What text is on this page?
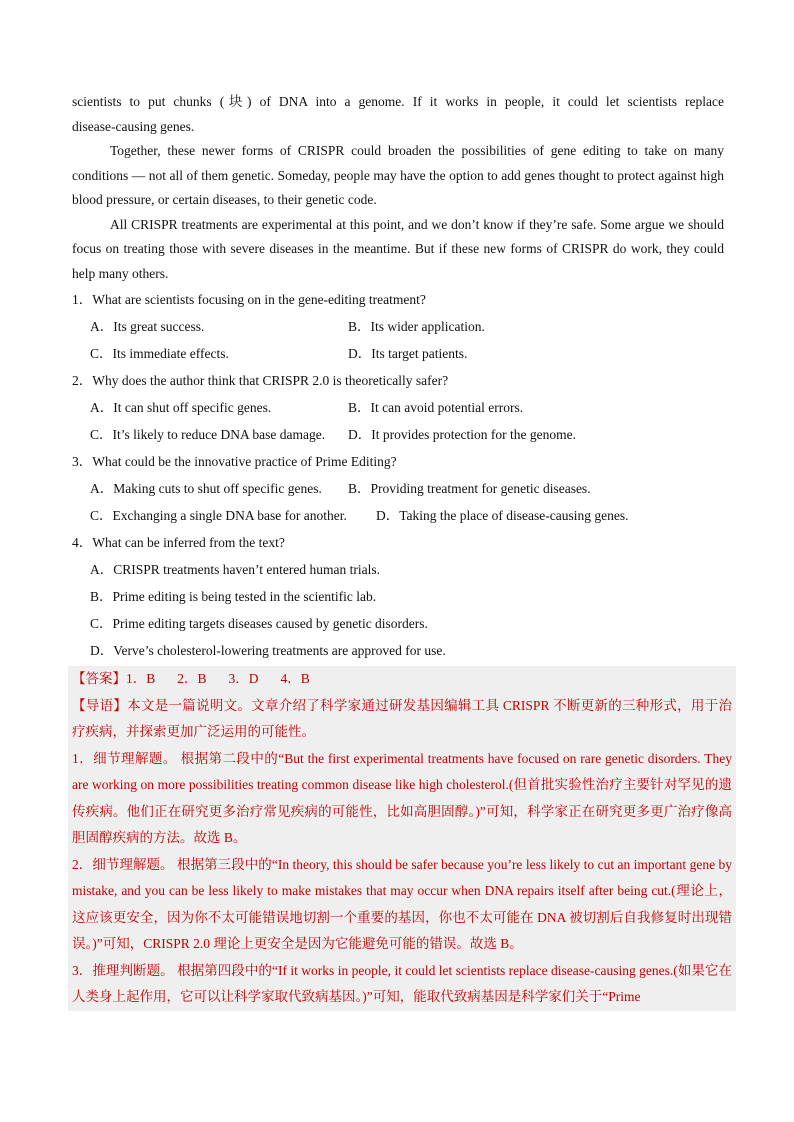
scientists to put chunks (块) of DNA into a genome. If it works in people, it could let scientists replace

disease-causing genes.

Together, these newer forms of CRISPR could broaden the possibilities of gene editing to take on many conditions — not all of them genetic. Someday, people may have the option to add genes thought to protect against high blood pressure, or certain diseases, to their genetic code.

All CRISPR treatments are experimental at this point, and we don’t know if they’re safe. Some argue we should focus on treating those with severe diseases in the meantime. But if these new forms of CRISPR do work, they could help many others.

1．What are scientists focusing on in the gene-editing treatment?

A．Its great success.	B．Its wider application.
C．Its immediate effects.	D．Its target patients.

2．Why does the author think that CRISPR 2.0 is theoretically safer?

A．It can shut off specific genes.	B．It can avoid potential errors.
C．It’s likely to reduce DNA base damage.	D．It provides protection for the genome.

3．What could be the innovative practice of Prime Editing?

A．Making cuts to shut off specific genes.	B．Providing treatment for genetic diseases.
C．Exchanging a single DNA base for another.	D．Taking the place of disease-causing genes.

4．What can be inferred from the text?

A．CRISPR treatments haven’t entered human trials.
B．Prime editing is being tested in the scientific lab.
C．Prime editing targets diseases caused by genetic disorders.
D．Verve’s cholesterol-lowering treatments are approved for use.

【答案】1．B 2．B 3．D 4．B

【导语】本文是一篇说明文。文章介绍了科学家通过研发基因编辑工具 CRISPR 不断更新的三种形式，用于治疗疾病，并探索更加广泛运用的可能性。

1．细节理解题。 根据第二段中的“But the first experimental treatments have focused on rare genetic disorders. They are working on more possibilities treating common disease like high cholesterol.(但首批实验性治疗主要针对罕见的遗传疾病。他们正在研究更多治疗常见疾病的可能性，比如高胆固醇。)”可知，科学家正在研究更多更广治疗像高胆固醇疾病的方法。故选 B。

2．细节理解题。 根据第三段中的“In theory, this should be safer because you’re less likely to cut an important gene by mistake, and you can be less likely to make mistakes that may occur when DNA repairs itself after being cut.(理论上，这应该更安全，因为你不太可能错误地切割一个重要的基因，你也不太可能在 DNA 被切割后自我修复时出现错误。)”可知，CRISPR 2.0 理论上更安全是因为它能避免可能的错误。故选 B。

3．推理判断题。 根据第四段中的“If it works in people, it could let scientists replace disease-causing genes.(如果它在人类身上起作用，它可以让科学家取代致病基因。)”可知，能取代致病基因是科学家们关于“Prime
